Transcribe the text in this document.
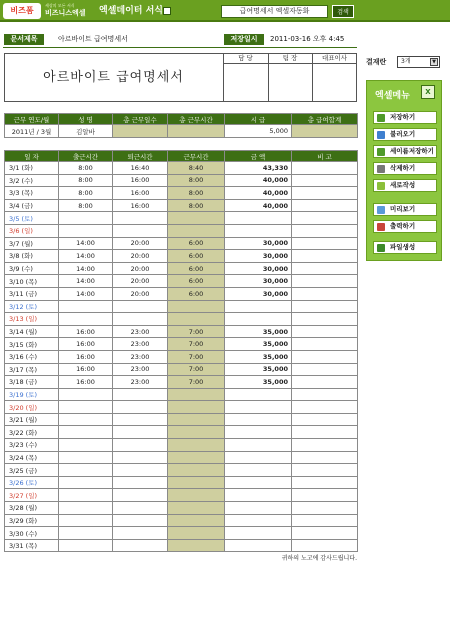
비즈폼
세상의 모든 서식
비즈니스엑셀	엑셀데이터 서식	급여명세서 엑셀자동화	검색
문서제목	아르바이트 급여명세서	저장일시	2011-03-16 오후 4:45
아르바이트 급여명세서
담 당	팀 장	대표이사
근무 연도/월	성 명	총 근무일수	총 근무시간	시 급	총 급여합계
2011년 / 3월	김알바			5,000	
일 자	출근시간	퇴근시간	근무시간	금 액	비 고
3/1 (화)	8:00	16:40	8:40	43,330	
3/2 (수)	8:00	16:00	8:00	40,000	
3/3 (목)	8:00	16:00	8:00	40,000	
3/4 (금)	8:00	16:00	8:00	40,000	
3/5 (토)					
3/6 (일)					
3/7 (월)	14:00	20:00	6:00	30,000	
3/8 (화)	14:00	20:00	6:00	30,000	
3/9 (수)	14:00	20:00	6:00	30,000	
3/10 (목)	14:00	20:00	6:00	30,000	
3/11 (금)	14:00	20:00	6:00	30,000	
3/12 (토)					
3/13 (일)					
3/14 (월)	16:00	23:00	7:00	35,000	
3/15 (화)	16:00	23:00	7:00	35,000	
3/16 (수)	16:00	23:00	7:00	35,000	
3/17 (목)	16:00	23:00	7:00	35,000	
3/18 (금)	16:00	23:00	7:00	35,000	
3/19 (토)					
3/20 (일)					
3/21 (월)					
3/22 (화)					
3/23 (수)					
3/24 (목)					
3/25 (금)					
3/26 (토)					
3/27 (일)					
3/28 (월)					
3/29 (화)					
3/30 (수)					
3/31 (목)					
귀하의 노고에 감사드립니다.
결재란	3개	▼
엑셀메뉴	X
저장하기
불러오기
세이름저장하기
삭제하기
새로작성
미리보기
출력하기
파일생성
